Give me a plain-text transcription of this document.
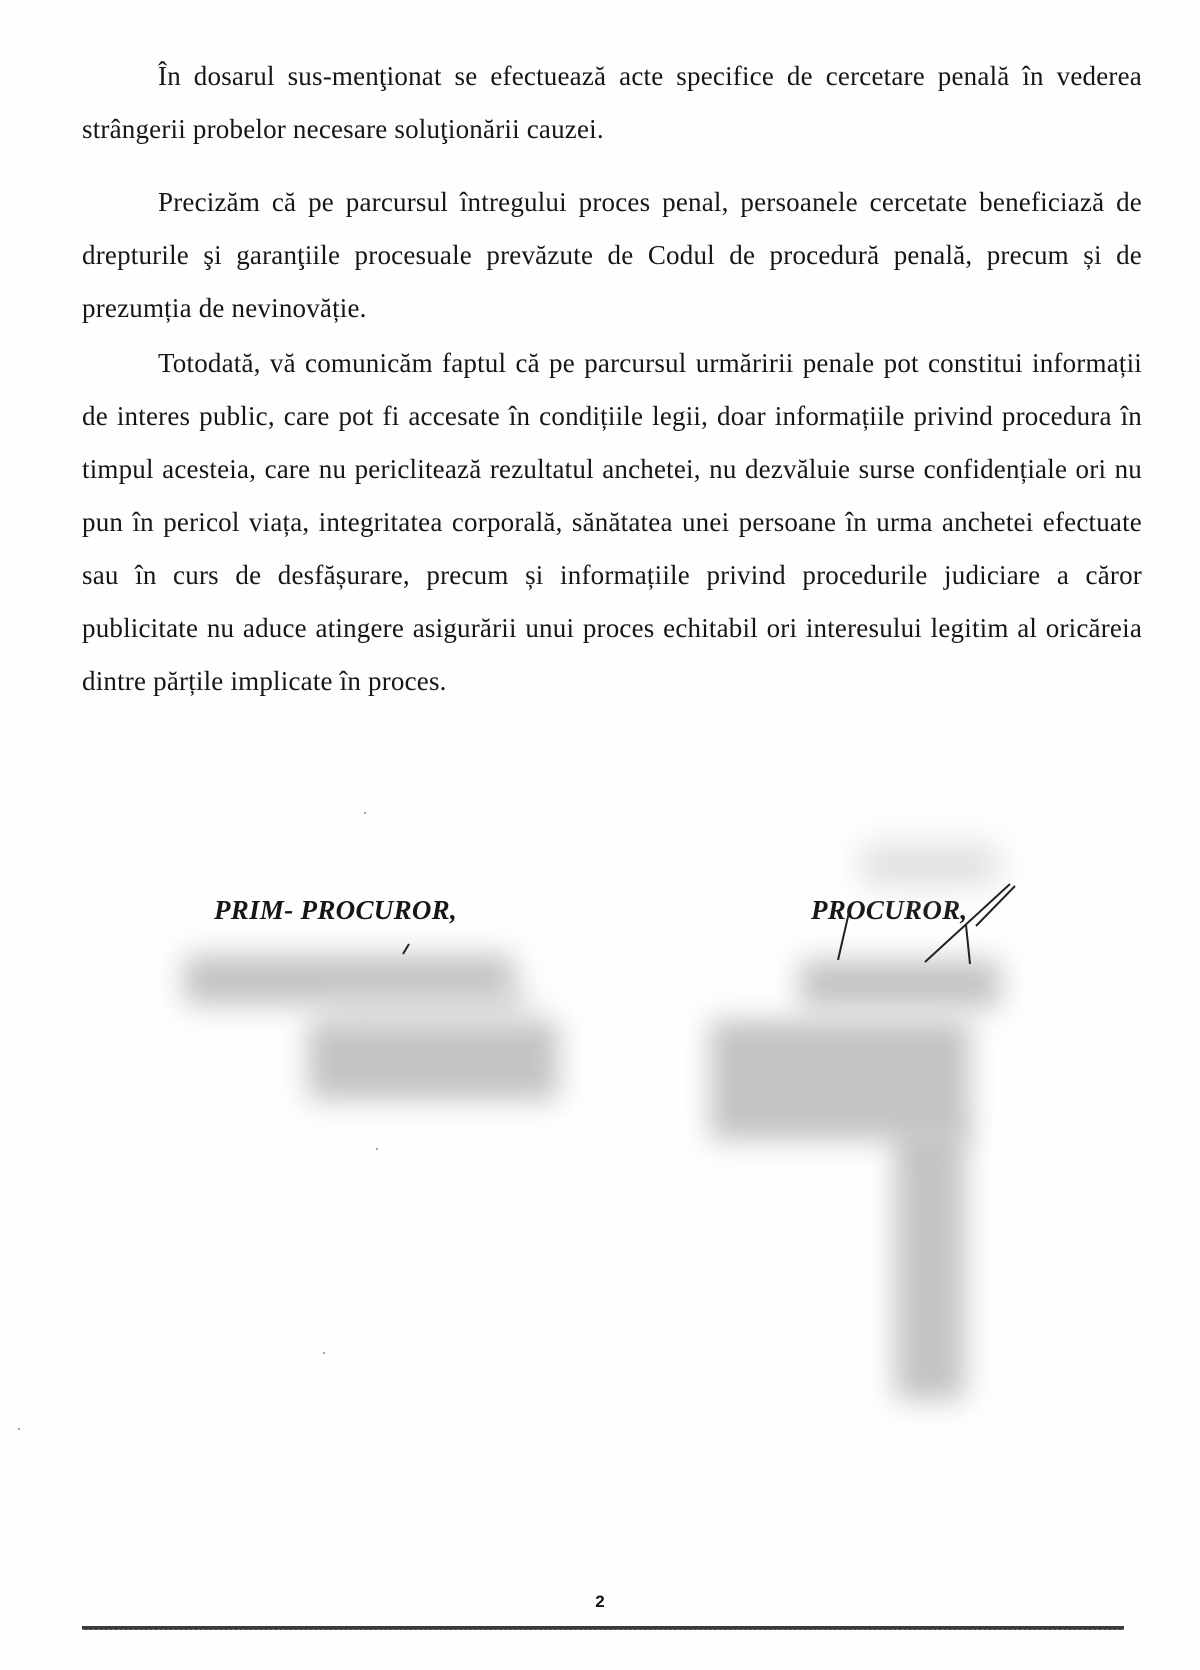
În dosarul sus-menţionat se efectuează acte specifice de cercetare penală în vederea strângerii probelor necesare soluţionării cauzei.

Precizăm că pe parcursul întregului proces penal, persoanele cercetate beneficiază de drepturile şi garanţiile procesuale prevăzute de Codul de procedură penală, precum și de prezumția de nevinovăție.

Totodată, vă comunicăm faptul că pe parcursul urmăririi penale pot constitui informații de interes public, care pot fi accesate în condițiile legii, doar informațiile privind procedura în timpul acesteia, care nu periclitează rezultatul anchetei, nu dezvăluie surse confidențiale ori nu pun în pericol viața, integritatea corporală, sănătatea unei persoane în urma anchetei efectuate sau în curs de desfășurare, precum și informațiile privind procedurile judiciare a căror publicitate nu aduce atingere asigurării unui proces echitabil ori interesului legitim al oricăreia dintre părțile implicate în proces.

PRIM- PROCUROR,	PROCUROR,
2
